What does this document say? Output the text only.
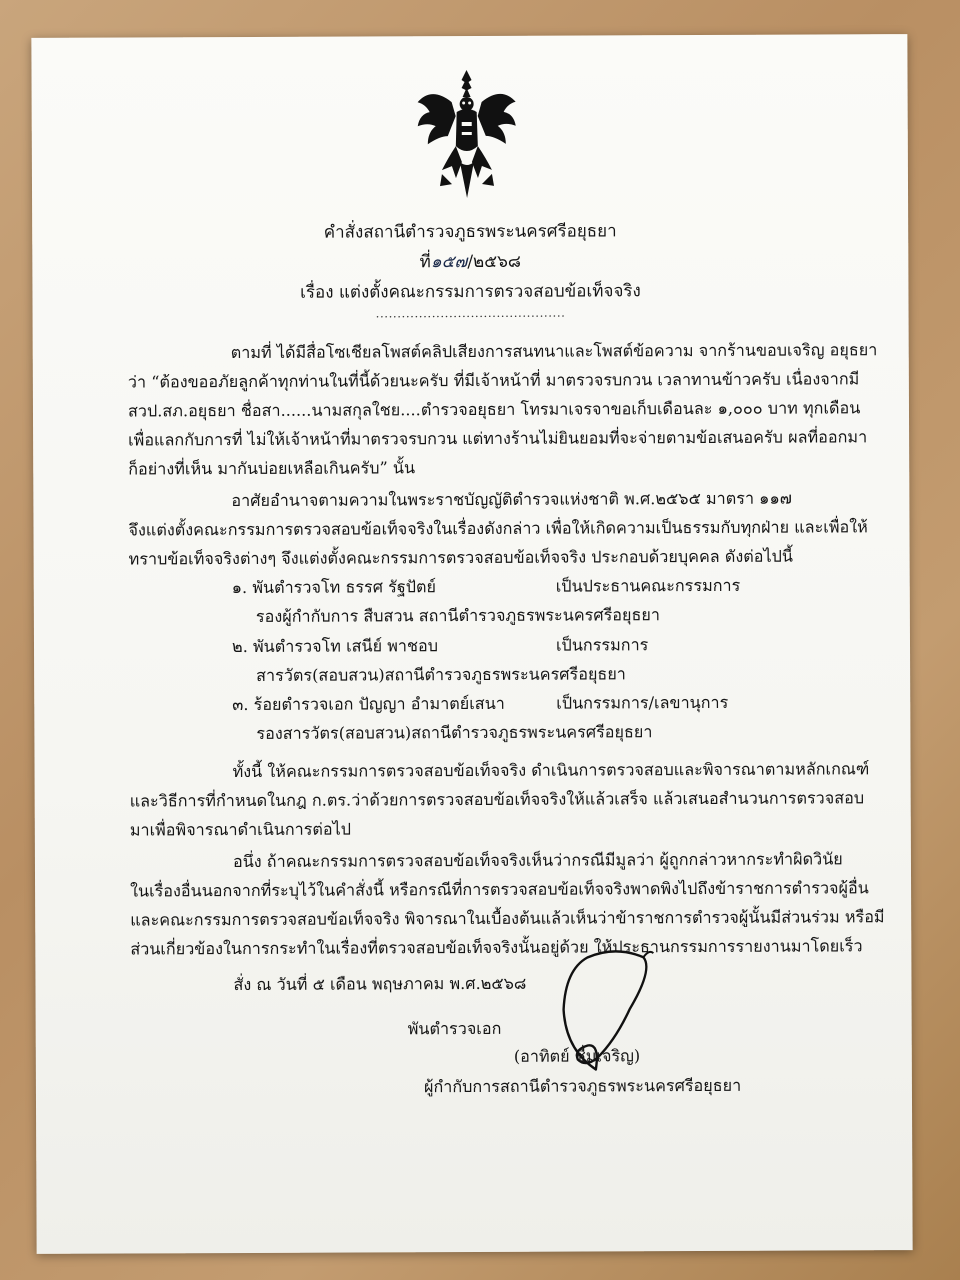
คำสั่งสถานีตำรวจภูธรพระนครศรีอยุธยา
ที่๑๕๗/๒๕๖๘
เรื่อง แต่งตั้งคณะกรรมการตรวจสอบข้อเท็จจริง
............................................
ตามที่ ได้มีสื่อโซเชียลโพสต์คลิปเสียงการสนทนาและโพสต์ข้อความ จากร้านขอบเจริญ อยุธยา
ว่า “ต้องขออภัยลูกค้าทุกท่านในที่นี้ด้วยนะครับ ที่มีเจ้าหน้าที่ มาตรวจรบกวน เวลาทานข้าวครับ เนื่องจากมี
สวป.สภ.อยุธยา ชื่อสา......นามสกุลใชย....ตำรวจอยุธยา โทรมาเจรจาขอเก็บเดือนละ ๑,๐๐๐ บาท ทุกเดือน
เพื่อแลกกับการที่ ไม่ให้เจ้าหน้าที่มาตรวจรบกวน แต่ทางร้านไม่ยินยอมที่จะจ่ายตามข้อเสนอครับ ผลที่ออกมา
ก็อย่างที่เห็น มากันบ่อยเหลือเกินครับ” นั้น
อาศัยอำนาจตามความในพระราชบัญญัติตำรวจแห่งชาติ พ.ศ.๒๕๖๕ มาตรา ๑๑๗
จึงแต่งตั้งคณะกรรมการตรวจสอบข้อเท็จจริงในเรื่องดังกล่าว เพื่อให้เกิดความเป็นธรรมกับทุกฝ่าย และเพื่อให้
ทราบข้อเท็จจริงต่างๆ จึงแต่งตั้งคณะกรรมการตรวจสอบข้อเท็จจริง ประกอบด้วยบุคคล ดังต่อไปนี้
๑. พันตำรวจโท ธรรศ รัฐปัตย์	เป็นประธานคณะกรรมการ
รองผู้กำกับการ สืบสวน สถานีตำรวจภูธรพระนครศรีอยุธยา
๒. พันตำรวจโท เสนีย์ พาชอบ	เป็นกรรมการ
สารวัตร(สอบสวน)สถานีตำรวจภูธรพระนครศรีอยุธยา
๓. ร้อยตำรวจเอก ปัญญา อำมาตย์เสนา	เป็นกรรมการ/เลขานุการ
รองสารวัตร(สอบสวน)สถานีตำรวจภูธรพระนครศรีอยุธยา
ทั้งนี้ ให้คณะกรรมการตรวจสอบข้อเท็จจริง ดำเนินการตรวจสอบและพิจารณาตามหลักเกณฑ์
และวิธีการที่กำหนดในกฎ ก.ตร.ว่าด้วยการตรวจสอบข้อเท็จจริงให้แล้วเสร็จ แล้วเสนอสำนวนการตรวจสอบ
มาเพื่อพิจารณาดำเนินการต่อไป
อนึ่ง ถ้าคณะกรรมการตรวจสอบข้อเท็จจริงเห็นว่ากรณีมีมูลว่า ผู้ถูกกล่าวหากระทำผิดวินัย
ในเรื่องอื่นนอกจากที่ระบุไว้ในคำสั่งนี้ หรือกรณีที่การตรวจสอบข้อเท็จจริงพาดพิงไปถึงข้าราชการตำรวจผู้อื่น
และคณะกรรมการตรวจสอบข้อเท็จจริง พิจารณาในเบื้องต้นแล้วเห็นว่าข้าราชการตำรวจผู้นั้นมีส่วนร่วม หรือมี
ส่วนเกี่ยวข้องในการกระทำในเรื่องที่ตรวจสอบข้อเท็จจริงนั้นอยู่ด้วย ให้ประธานกรรมการรายงานมาโดยเร็ว
สั่ง ณ วันที่ ๕ เดือน พฤษภาคม พ.ศ.๒๕๖๘
พันตำรวจเอก
(อาทิตย์ ชื่มเจริญ)
ผู้กำกับการสถานีตำรวจภูธรพระนครศรีอยุธยา
